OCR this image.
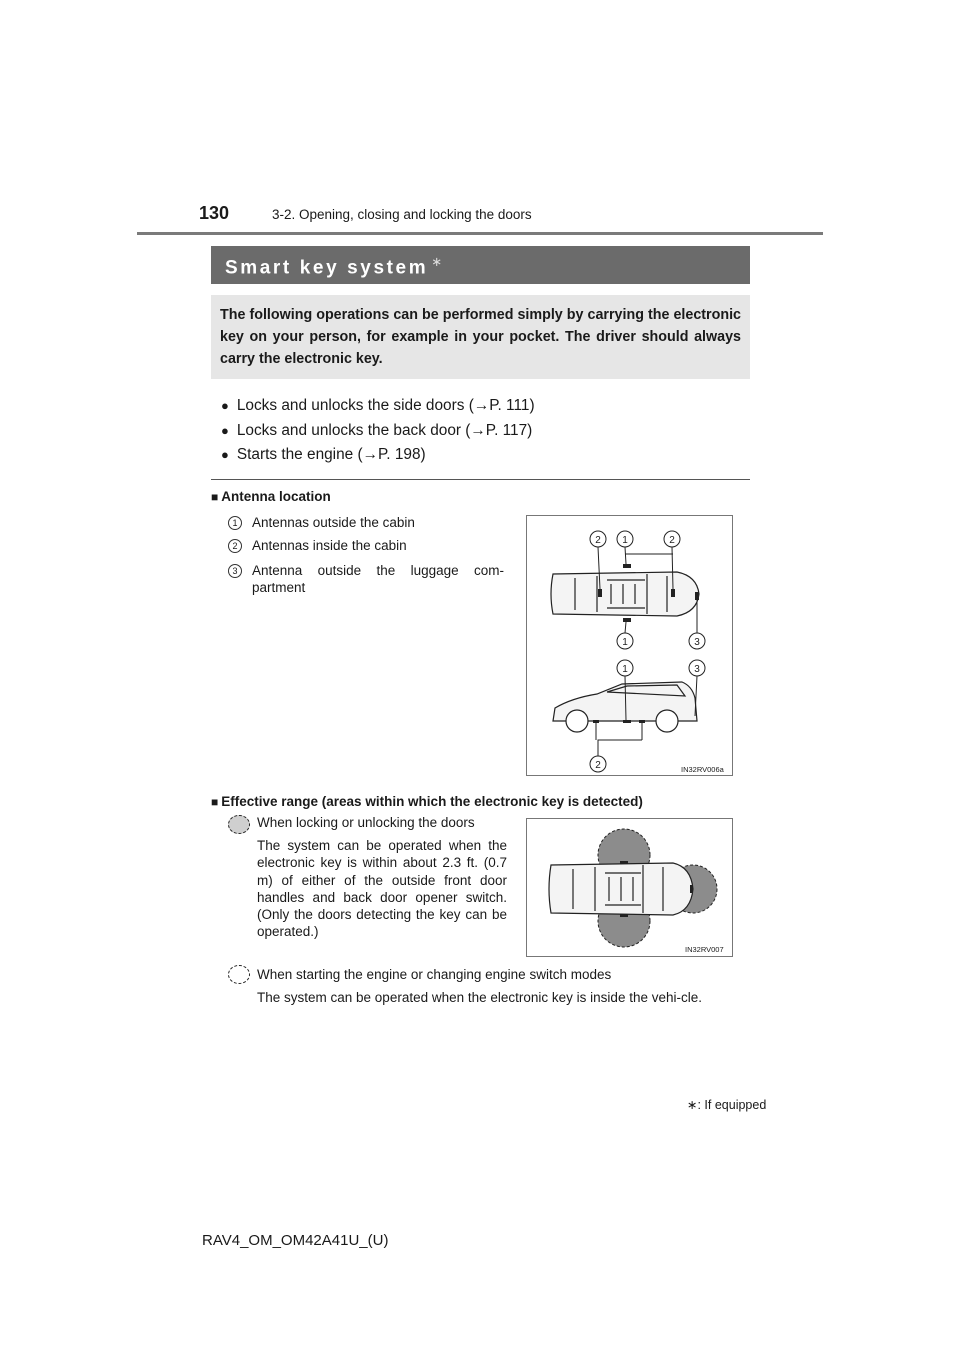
130	3-2. Opening, closing and locking the doors
Smart key system ∗
The following operations can be performed simply by carrying the electronic key on your person, for example in your pocket. The driver should always carry the electronic key.
● Locks and unlocks the side doors (→P. 111)
● Locks and unlocks the back door (→P. 117)
● Starts the engine (→P. 198)
■ Antenna location
1	Antennas outside the cabin
2	Antennas inside the cabin
3	Antenna outside the luggage com-partment
2 1	2
1	3
1	3
2	IN32RV006a
■ Effective range (areas within which the electronic key is detected)
When locking or unlocking the doors
The system can be operated when the electronic key is within about 2.3 ft. (0.7 m) of either of the outside front door handles and back door opener switch. (Only the doors detecting the key can be operated.)
IN32RV007
When starting the engine or changing engine switch modes
The system can be operated when the electronic key is inside the vehi-cle.
∗: If equipped
RAV4_OM_OM42A41U_(U)
